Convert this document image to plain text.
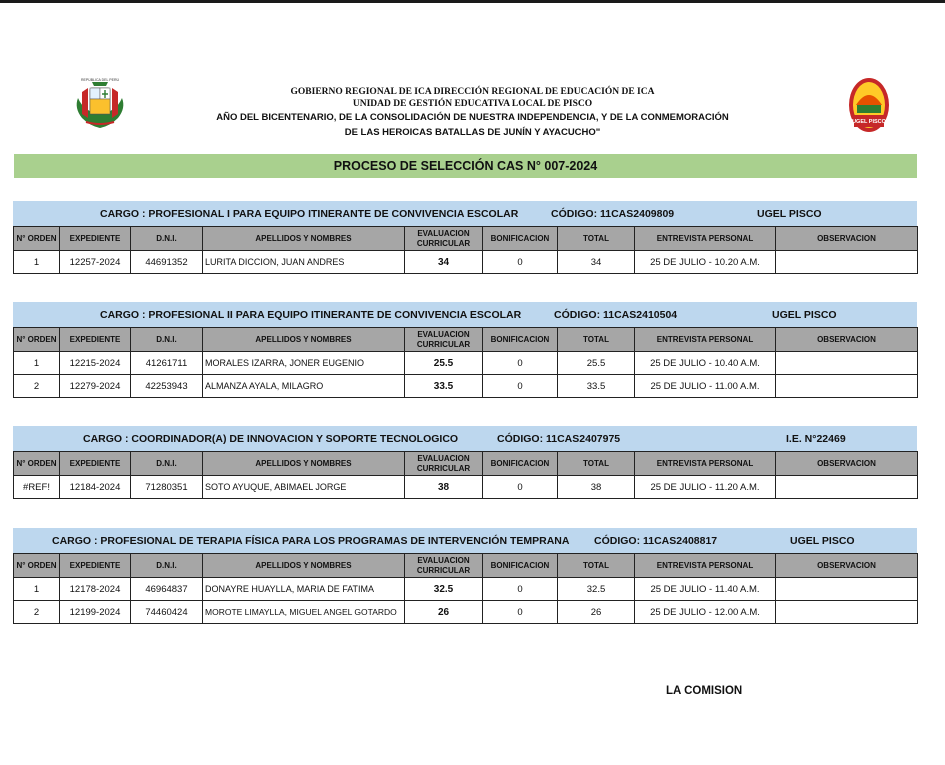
REPÚBLICA DEL PERÚ
UGEL PISCO
GOBIERNO REGIONAL DE ICA DIRECCIÓN REGIONAL DE EDUCACIÓN DE ICA
UNIDAD DE GESTIÓN EDUCATIVA LOCAL DE PISCO
AÑO DEL BICENTENARIO, DE LA CONSOLIDACIÓN DE NUESTRA INDEPENDENCIA, Y DE LA CONMEMORACIÓN
DE LAS HEROICAS BATALLAS DE JUNÍN Y AYACUCHO"
PROCESO DE SELECCIÓN CAS N° 007-2024
CARGO : PROFESIONAL I PARA EQUIPO ITINERANTE DE CONVIVENCIA ESCOLAR	CÓDIGO: 11CAS2409809	UGEL PISCO
N° ORDEN	EXPEDIENTE	D.N.I.	APELLIDOS Y NOMBRES	EVALUACION CURRICULAR	BONIFICACION	TOTAL	ENTREVISTA PERSONAL	OBSERVACION
1	12257-2024	44691352	LURITA DICCION, JUAN ANDRES	34	0	34	25 DE JULIO - 10.20 A.M.	
CARGO : PROFESIONAL II PARA EQUIPO ITINERANTE DE CONVIVENCIA ESCOLAR	CÓDIGO: 11CAS2410504	UGEL PISCO
N° ORDEN	EXPEDIENTE	D.N.I.	APELLIDOS Y NOMBRES	EVALUACION CURRICULAR	BONIFICACION	TOTAL	ENTREVISTA PERSONAL	OBSERVACION
1	12215-2024	41261711	MORALES IZARRA, JONER EUGENIO	25.5	0	25.5	25 DE JULIO - 10.40 A.M.	
2	12279-2024	42253943	ALMANZA AYALA, MILAGRO	33.5	0	33.5	25 DE JULIO - 11.00 A.M.	
CARGO : COORDINADOR(A) DE INNOVACION Y SOPORTE TECNOLOGICO	CÓDIGO: 11CAS2407975	I.E. N°22469
N° ORDEN	EXPEDIENTE	D.N.I.	APELLIDOS Y NOMBRES	EVALUACION CURRICULAR	BONIFICACION	TOTAL	ENTREVISTA PERSONAL	OBSERVACION
#REF!	12184-2024	71280351	SOTO AYUQUE, ABIMAEL JORGE	38	0	38	25 DE JULIO - 11.20 A.M.	
CARGO : PROFESIONAL DE TERAPIA FÍSICA PARA LOS PROGRAMAS DE INTERVENCIÓN TEMPRANA CÓDIGO: 11CAS2408817	UGEL PISCO
N° ORDEN	EXPEDIENTE	D.N.I.	APELLIDOS Y NOMBRES	EVALUACION CURRICULAR	BONIFICACION	TOTAL	ENTREVISTA PERSONAL	OBSERVACION
1	12178-2024	46964837	DONAYRE HUAYLLA, MARIA DE FATIMA	32.5	0	32.5	25 DE JULIO - 11.40 A.M.	
2	12199-2024	74460424	MOROTE LIMAYLLA, MIGUEL ANGEL GOTARDO	26	0	26	25 DE JULIO - 12.00 A.M.	
LA COMISION
